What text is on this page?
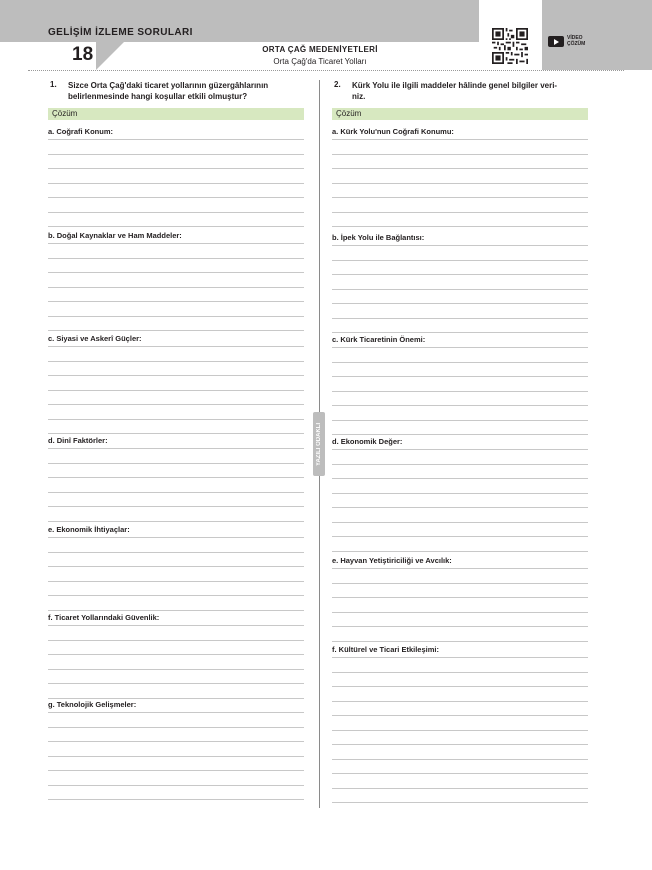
GELİŞİM İZLEME SORULARI
18	ORTA ÇAĞ MEDENİYETLERİ
Orta Çağ'da Ticaret Yolları
VİDEO
ÇÖZÜM
1. Sizce Orta Çağ'daki ticaret yollarının güzergâhlarının
belirlenmesinde hangi koşullar etkili olmuştur?
Çözüm
a. Coğrafi Konum:
b. Doğal Kaynaklar ve Ham Maddeler:
c. Siyasi ve Askerî Güçler:
d. Dinî Faktörler:
e. Ekonomik İhtiyaçlar:
f. Ticaret Yollarındaki Güvenlik:
g. Teknolojik Gelişmeler:
2. Kürk Yolu ile ilgili maddeler hâlinde genel bilgiler veri-
niz.
Çözüm
a. Kürk Yolu'nun Coğrafi Konumu:
b. İpek Yolu ile Bağlantısı:
c. Kürk Ticaretinin Önemi:
d. Ekonomik Değer:
e. Hayvan Yetiştiriciliği ve Avcılık:
f. Kültürel ve Ticari Etkileşimi:
YAZILI ODAKLI
